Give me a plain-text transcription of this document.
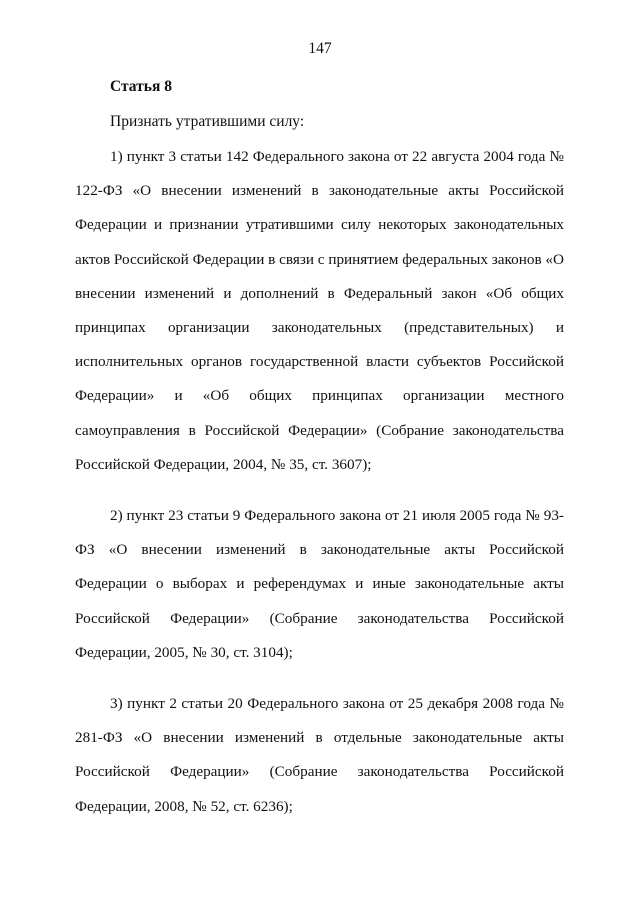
147
Статья 8
Признать утратившими силу:

1) пункт 3 статьи 142 Федерального закона от 22 августа 2004 года № 122-ФЗ «О внесении изменений в законодательные акты Российской Федерации и признании утратившими силу некоторых законодательных актов Российской Федерации в связи с принятием федеральных законов «О внесении изменений и дополнений в Федеральный закон «Об общих принципах организации законодательных (представительных) и исполнительных органов государственной власти субъектов Российской Федерации» и «Об общих принципах организации местного самоуправления в Российской Федерации» (Собрание законодательства Российской Федерации, 2004, № 35, ст. 3607);

2) пункт 23 статьи 9 Федерального закона от 21 июля 2005 года № 93-ФЗ «О внесении изменений в законодательные акты Российской Федерации о выборах и референдумах и иные законодательные акты Российской Федерации» (Собрание законодательства Российской Федерации, 2005, № 30, ст. 3104);

3) пункт 2 статьи 20 Федерального закона от 25 декабря 2008 года № 281-ФЗ «О внесении изменений в отдельные законодательные акты Российской Федерации» (Собрание законодательства Российской Федерации, 2008, № 52, ст. 6236);
